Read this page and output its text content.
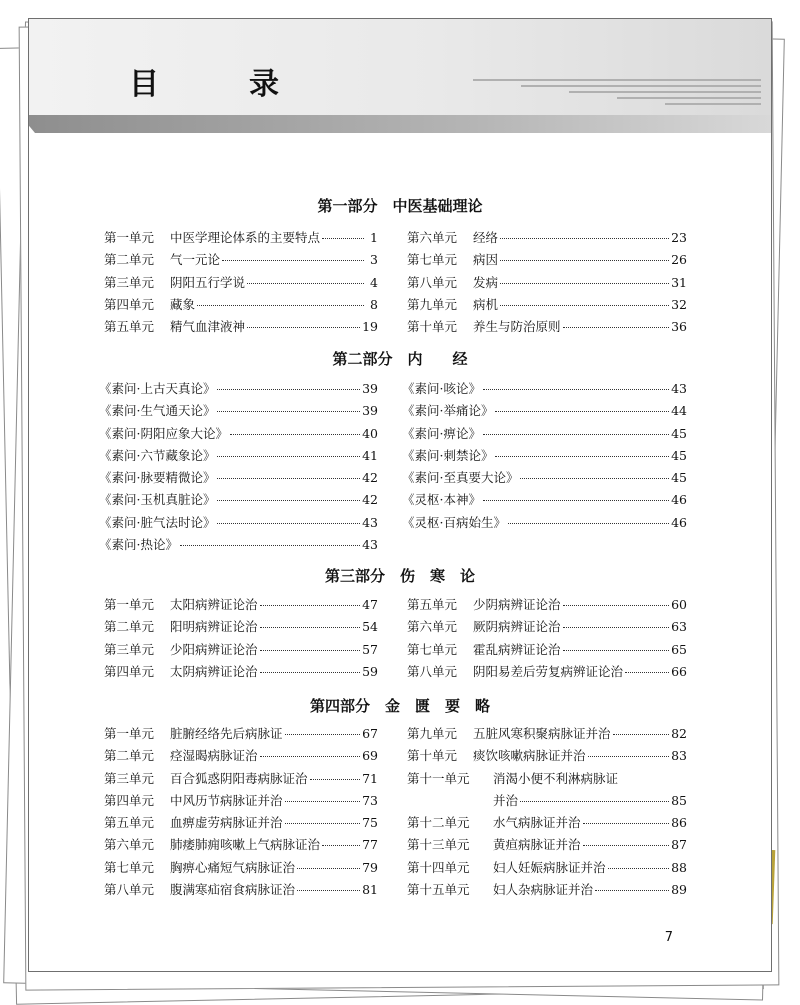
目　录
第一部分　中医基础理论
第一单元	中医学理论体系的主要特点	1
第二单元	气一元论	3
第三单元	阴阳五行学说	4
第四单元	藏象	8
第五单元	精气血津液神	19
第六单元	经络	23
第七单元	病因	26
第八单元	发病	31
第九单元	病机	32
第十单元	养生与防治原则	36
第二部分　内　　经
《素问·上古天真论》	39
《素问·生气通天论》	39
《素问·阴阳应象大论》	40
《素问·六节藏象论》	41
《素问·脉要精微论》	42
《素问·玉机真脏论》	42
《素问·脏气法时论》	43
《素问·热论》	43
《素问·咳论》	43
《素问·举痛论》	44
《素问·痹论》	45
《素问·刺禁论》	45
《素问·至真要大论》	45
《灵枢·本神》	46
《灵枢·百病始生》	46
第三部分　伤　寒　论
第一单元	太阳病辨证论治	47
第二单元	阳明病辨证论治	54
第三单元	少阳病辨证论治	57
第四单元	太阴病辨证论治	59
第五单元	少阴病辨证论治	60
第六单元	厥阴病辨证论治	63
第七单元	霍乱病辨证论治	65
第八单元	阴阳易差后劳复病辨证论治	66
第四部分　金　匮　要　略
第一单元	脏腑经络先后病脉证	67
第二单元	痉湿暍病脉证治	69
第三单元	百合狐惑阴阳毒病脉证治	71
第四单元	中风历节病脉证并治	73
第五单元	血痹虚劳病脉证并治	75
第六单元	肺痿肺痈咳嗽上气病脉证治	77
第七单元	胸痹心痛短气病脉证治	79
第八单元	腹满寒疝宿食病脉证治	81
第九单元	五脏风寒积聚病脉证并治	82
第十单元	痰饮咳嗽病脉证并治	83
第十一单元	消渴小便不利淋病脉证
并治	85
第十二单元	水气病脉证并治	86
第十三单元	黄疸病脉证并治	87
第十四单元	妇人妊娠病脉证并治	88
第十五单元	妇人杂病脉证并治	89
7
